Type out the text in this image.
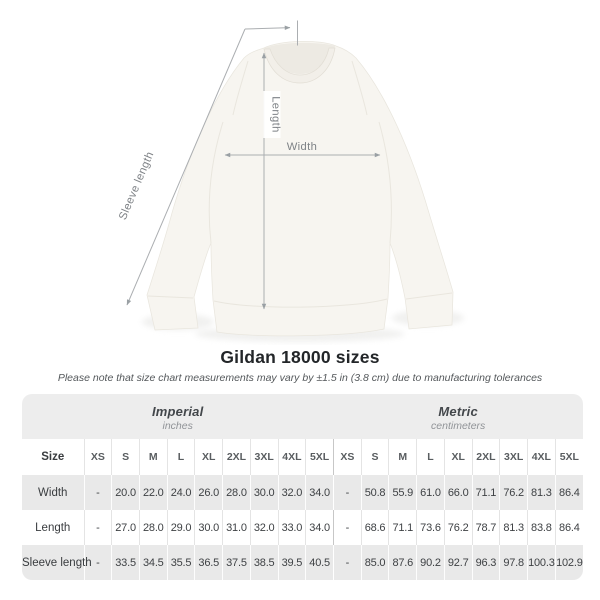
Width
Length
Sleeve length
Gildan 18000 sizes
Please note that size chart measurements may vary by ±1.5 in (3.8 cm) due to manufacturing tolerances
Imperial
inches
Metric
centimeters
Size	XS	S	M	L	XL	2XL	3XL	4XL	5XL	XS	S	M	L	XL	2XL	3XL	4XL	5XL
Width	-	20.0	22.0	24.0	26.0	28.0	30.0	32.0	34.0	-	50.8	55.9	61.0	66.0	71.1	76.2	81.3	86.4
Length	-	27.0	28.0	29.0	30.0	31.0	32.0	33.0	34.0	-	68.6	71.1	73.6	76.2	78.7	81.3	83.8	86.4
Sleeve length	-	33.5	34.5	35.5	36.5	37.5	38.5	39.5	40.5	-	85.0	87.6	90.2	92.7	96.3	97.8	100.3	102.9
